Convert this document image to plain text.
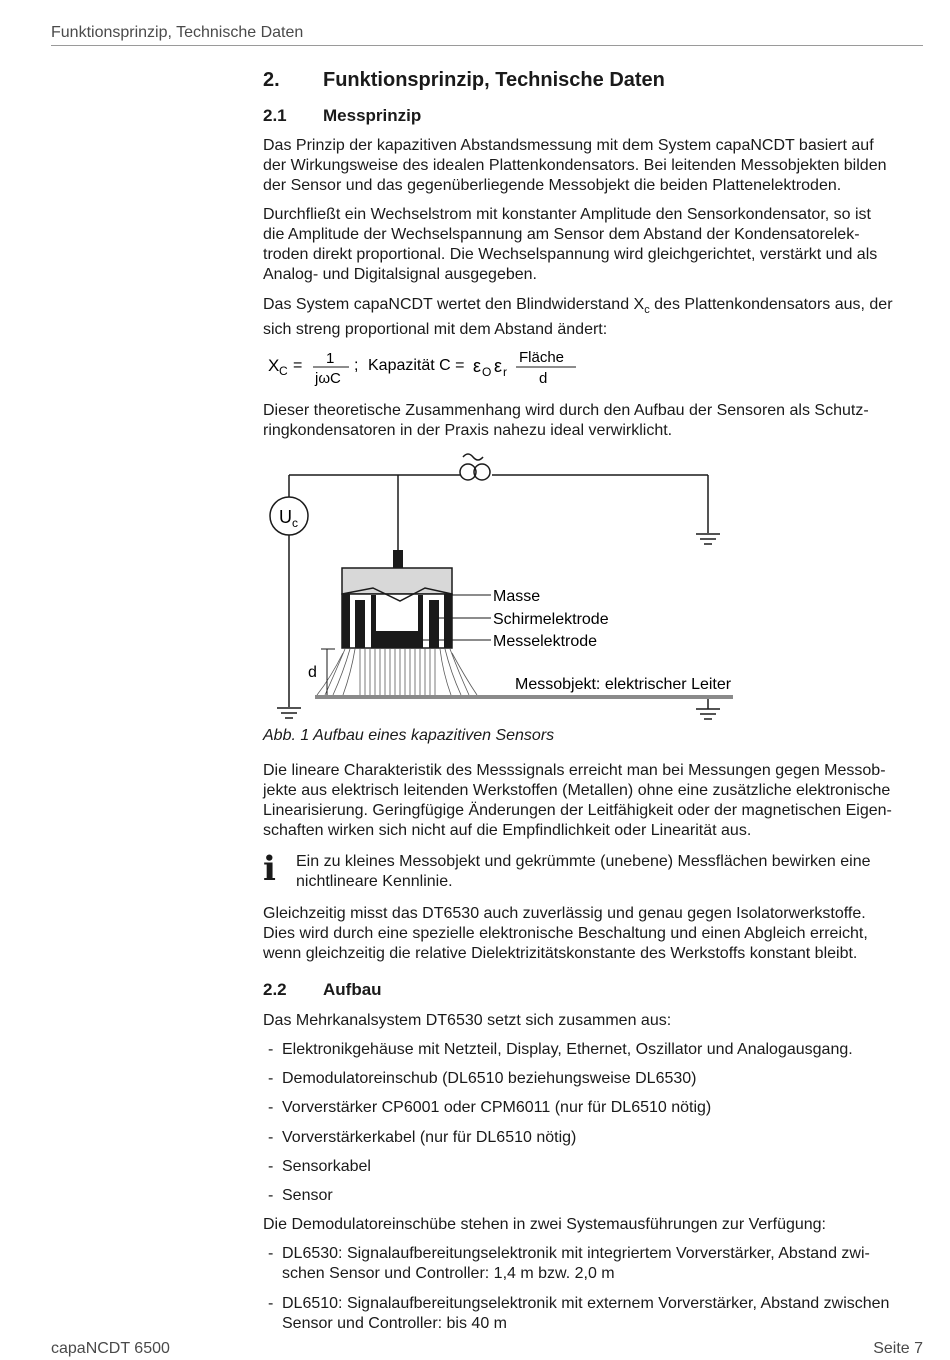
Funktionsprinzip, Technische Daten
2. Funktionsprinzip, Technische Daten
2.1 Messprinzip
Das Prinzip der kapazitiven Abstandsmessung mit dem System capaNCDT basiert auf
der Wirkungsweise des idealen Plattenkondensators. Bei leitenden Messobjekten bilden
der Sensor und das gegenüberliegende Messobjekt die beiden Plattenelektroden.
Durchfließt ein Wechselstrom mit konstanter Amplitude den Sensorkondensator, so ist
die Amplitude der Wechselspannung am Sensor dem Abstand der Kondensatorelek-
troden direkt proportional. Die Wechselspannung wird gleichgerichtet, verstärkt und als
Analog- und Digitalsignal ausgegeben.
Das System capaNCDT wertet den Blindwiderstand $X_c$ des Plattenkondensators aus, der
sich streng proportional mit dem Abstand ändert:
X C = 1
jωC
; Kapazität C = ε O ε r
Fläche
d
Dieser theoretische Zusammenhang wird durch den Aufbau der Sensoren als Schutz-
ringkondensatoren in der Praxis nahezu ideal verwirklicht.
Abb. 1 Aufbau eines kapazitiven Sensors
Die lineare Charakteristik des Messsignals erreicht man bei Messungen gegen Messob-
jekte aus elektrisch leitenden Werkstoffen (Metallen) ohne eine zusätzliche elektronische
Linearisierung. Geringfügige Änderungen der Leitfähigkeit oder der magnetischen Eigen-
schaften wirken sich nicht auf die Empfindlichkeit oder Linearität aus.
i Ein zu kleines Messobjekt und gekrümmte (unebene) Messflächen bewirken eine
nichtlineare Kennlinie.
Gleichzeitig misst das DT6530 auch zuverlässig und genau gegen Isolatorwerkstoffe.
Dies wird durch eine spezielle elektronische Beschaltung und einen Abgleich erreicht,
wenn gleichzeitig die relative Dielektrizitätskonstante des Werkstoffs konstant bleibt.
2.2 Aufbau
Das Mehrkanalsystem DT6530 setzt sich zusammen aus:
- Elektronikgehäuse mit Netzteil, Display, Ethernet, Oszillator und Analogausgang.
- Demodulatoreinschub (DL6510 beziehungsweise DL6530)
- Vorverstärker CP6001 oder CPM6011 (nur für DL6510 nötig)
- Vorverstärkerkabel (nur für DL6510 nötig)
- Sensorkabel
- Sensor
Die Demodulatoreinschübe stehen in zwei Systemausführungen zur Verfügung:
- DL6530: Signalaufbereitungselektronik mit integriertem Vorverstärker, Abstand zwi-
schen Sensor und Controller: 1,4 m bzw. 2,0 m
- DL6510: Signalaufbereitungselektronik mit externem Vorverstärker, Abstand zwischen
Sensor und Controller: bis 40 m
U c
d
Masse
Schirmelektrode
Messelektrode
Messobjekt: elektrischer Leiter
capaNCDT 6500	Seite 7
